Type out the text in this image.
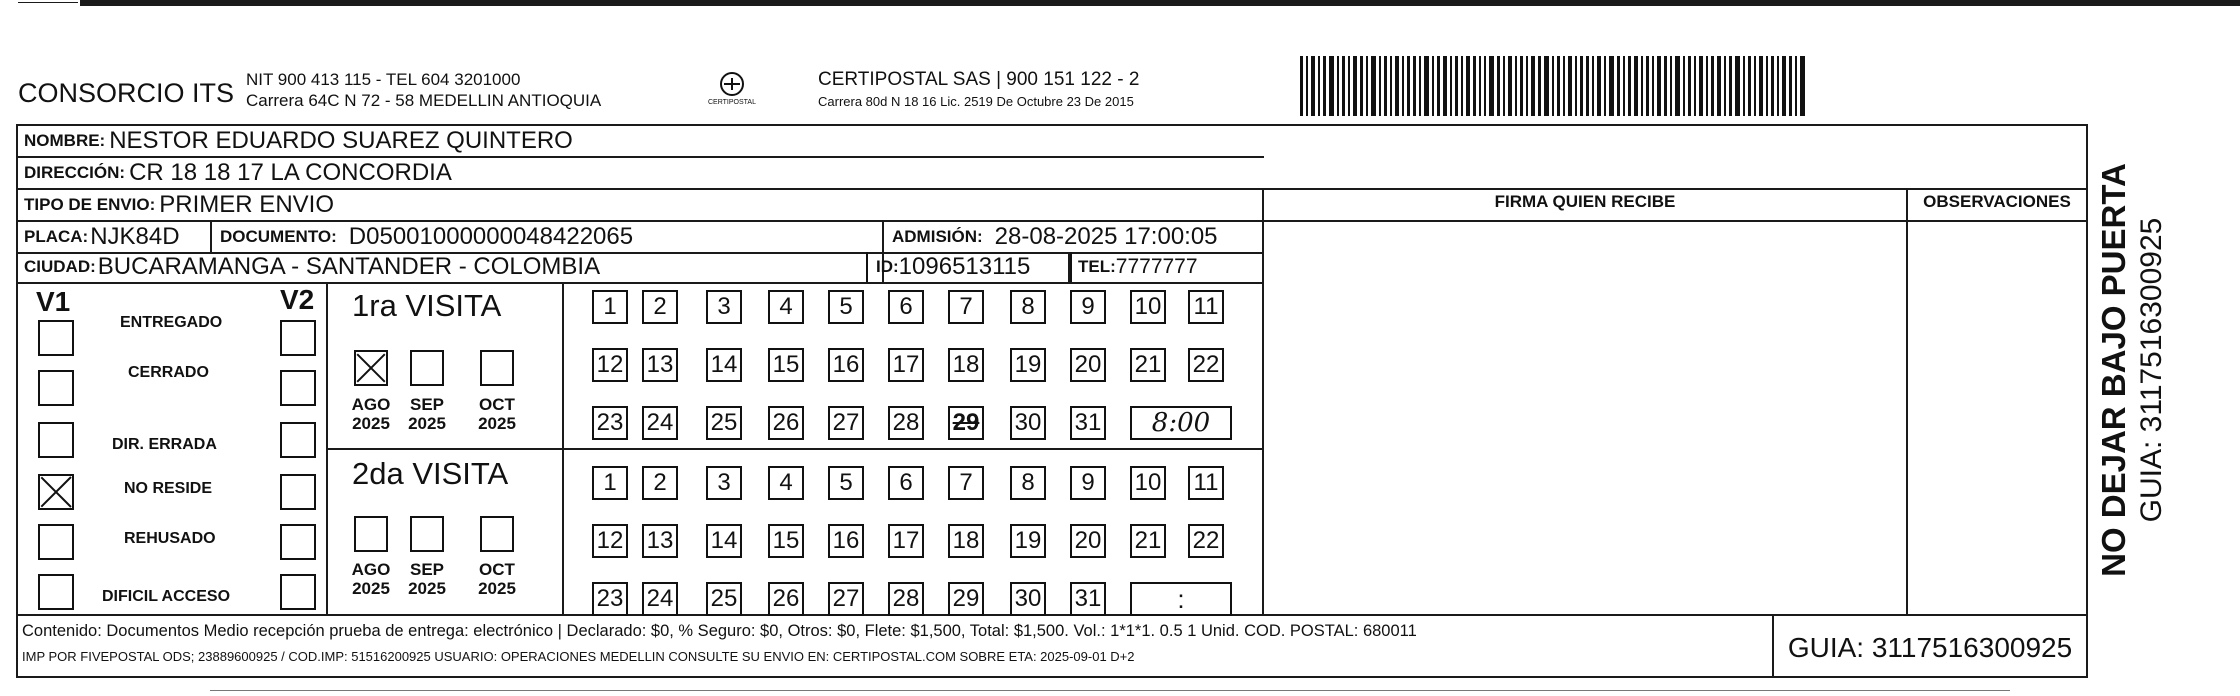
CONSORCIO ITS NIT 900 413 115 - TEL 604 3201000
Carrera 64C N 72 - 58 MEDELLIN ANTIOQUIA	CERTIPOSTAL
CERTIPOSTAL SAS | 900 151 122 - 2
Carrera 80d N 18 16 Lic. 2519 De Octubre 23 De 2015
NOMBRE: NESTOR EDUARDO SUAREZ QUINTERO
DIRECCIÓN: CR 18 18 17 LA CONCORDIA
TIPO DE ENVIO: PRIMER ENVIO
PLACA: NJK84D DOCUMENTO: D05001000000048422065	ADMISIÓN: 28-08-2025 17:00:05
CIUDAD: BUCARAMANGA - SANTANDER - COLOMBIA	ID: 1096513115	TEL: 7777777
FIRMA QUIEN RECIBE	OBSERVACIONES
V1	V2
ENTREGADO
CERRADO
DIR. ERRADA
NO RESIDE
REHUSADO
DIFICIL ACCESO
1ra VISITA
2da VISITA
AGO
2025
SEP
2025
OCT
2025
AGO
2025
SEP
2025
OCT
2025
1	2	3	4	5	6	7	8	9	10 11
12 13 14 15 16 17 18 19 20 21 22
23 24 25 26 27 28 29 30 31	8:00
1	2	3	4	5	6	7	8	9	10 11
12 13 14 15 16 17 18 19 20 21 22
23 24 25 26 27 28 29 30 31	:
Contenido: Documentos Medio recepción prueba de entrega: electrónico | Declarado: $0, % Seguro: $0, Otros: $0, Flete: $1,500, Total: $1,500. Vol.: 1*1*1. 0.5 1 Unid. COD. POSTAL: 680011
IMP POR FIVEPOSTAL ODS; 23889600925 / COD.IMP: 51516200925 USUARIO: OPERACIONES MEDELLIN CONSULTE SU ENVIO EN: CERTIPOSTAL.COM SOBRE ETA: 2025-09-01 D+2	GUIA: 3117516300925
NO DEJAR BAJO PUERTA GUIA: 3117516300925
